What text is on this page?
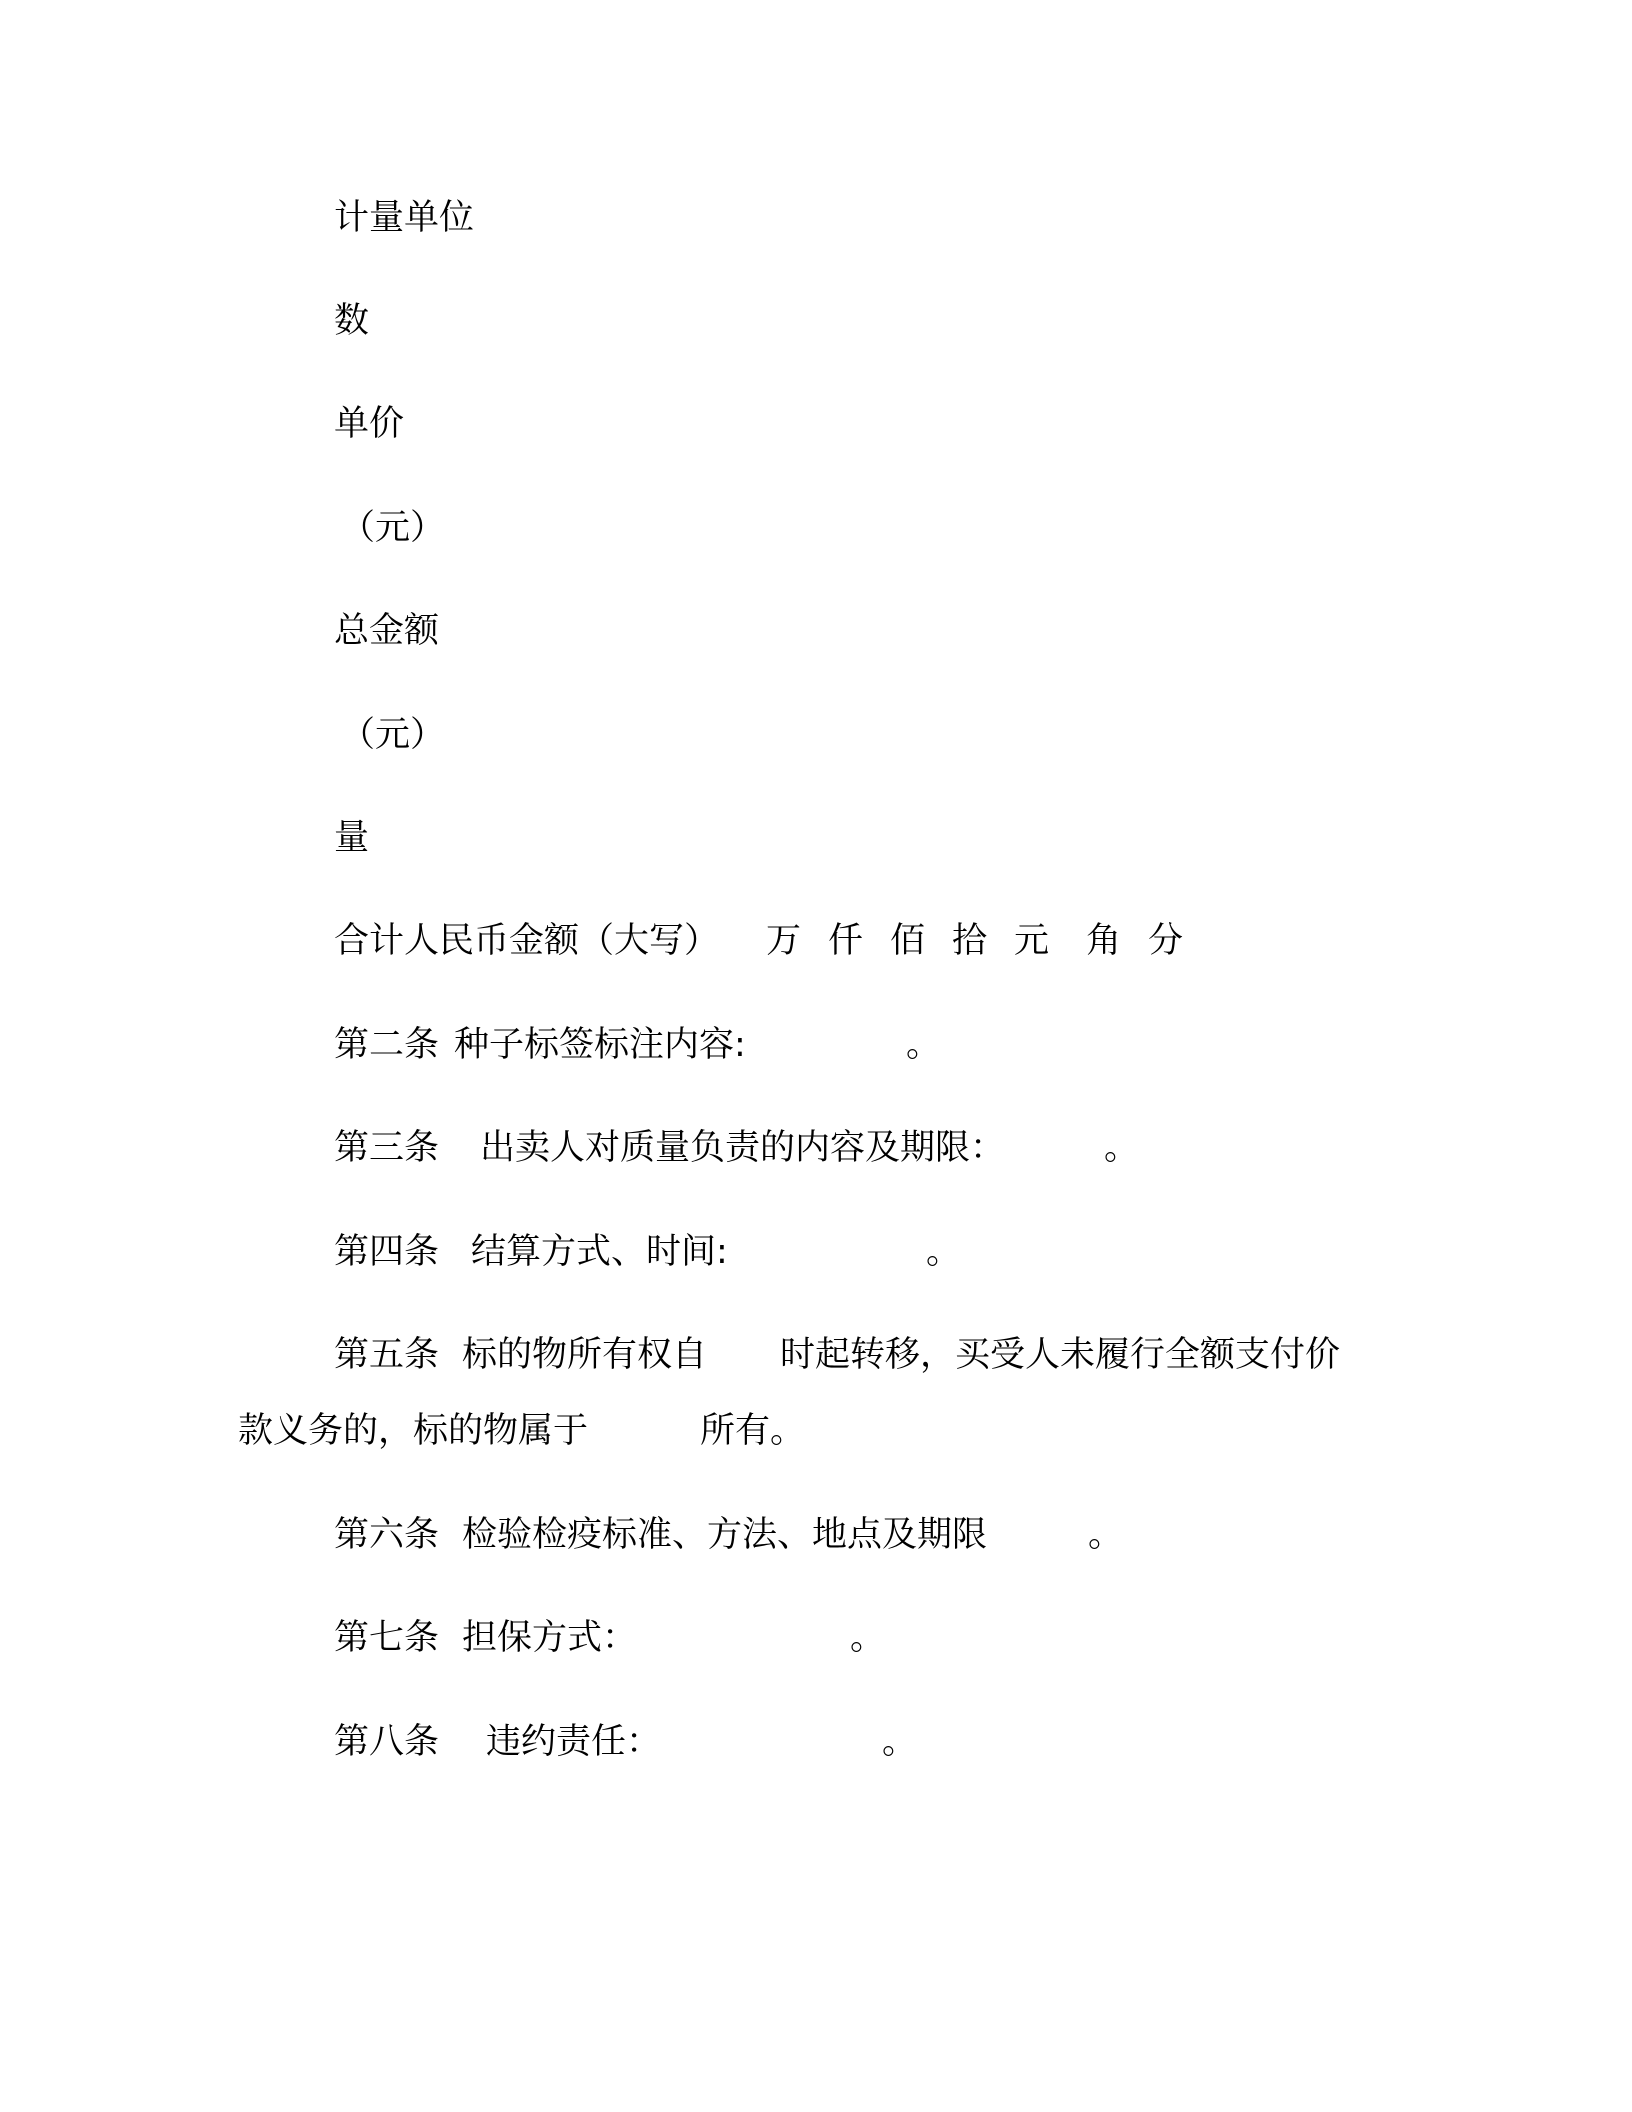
计量单位
数
单价
（元）
总金额
（元）
量
合计人民币金额（大写） 万 仟 佰 拾 元 角 分
第二条 种子标签标注内容:	。
第三条 出卖人对质量负责的内容及期限：	。
第四条 结算方式、时间:	。
第五条 标的物所有权自 时起转移，买受人未履行全额支付价
款义务的，标的物属于	所有。
第六条 检验检疫标准、方法、地点及期限	。
第七条 担保方式：	。
第八条 违约责任：	。
